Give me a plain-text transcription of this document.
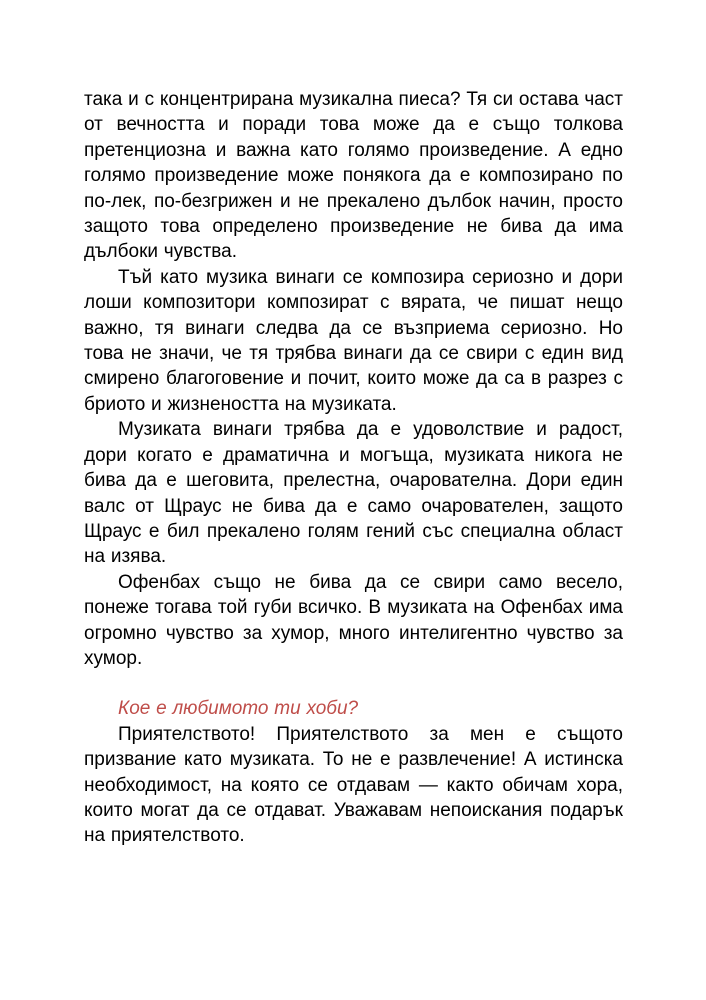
така и с концентрирана музикална пиеса? Тя си остава част от вечността и поради това може да е също толкова претенциозна и важна като голямо произведение. А едно голямо произведение може понякога да е композирано по по-лек, по-безгрижен и не прекалено дълбок начин, просто защото това определено произведение не бива да има дълбоки чувства.

Тъй като музика винаги се композира сериозно и дори лоши композитори композират с вярата, че пишат нещо важно, тя винаги следва да се възприема сериозно. Но това не значи, че тя трябва винаги да се свири с един вид смирено благоговение и почит, които може да са в разрез с бриото и жизнеността на музиката.

Музиката винаги трябва да е удоволствие и радост, дори когато е драматична и могъща, музиката никога не бива да е шеговита, прелестна, очарователна. Дори един валс от Щраус не бива да е само очарователен, защото Щраус е бил прекалено голям гений със специална област на изява.

Офенбах също не бива да се свири само весело, понеже тогава той губи всичко. В музиката на Офенбах има огромно чувство за хумор, много интелигентно чувство за хумор.

Кое е любимото ти хоби?

Приятелството! Приятелството за мен е същото призвание като музиката. То не е развлечение! А истинска необходимост, на която се отдавам — както обичам хора, които могат да се отдават. Уважавам непоискания подарък на приятелството.
